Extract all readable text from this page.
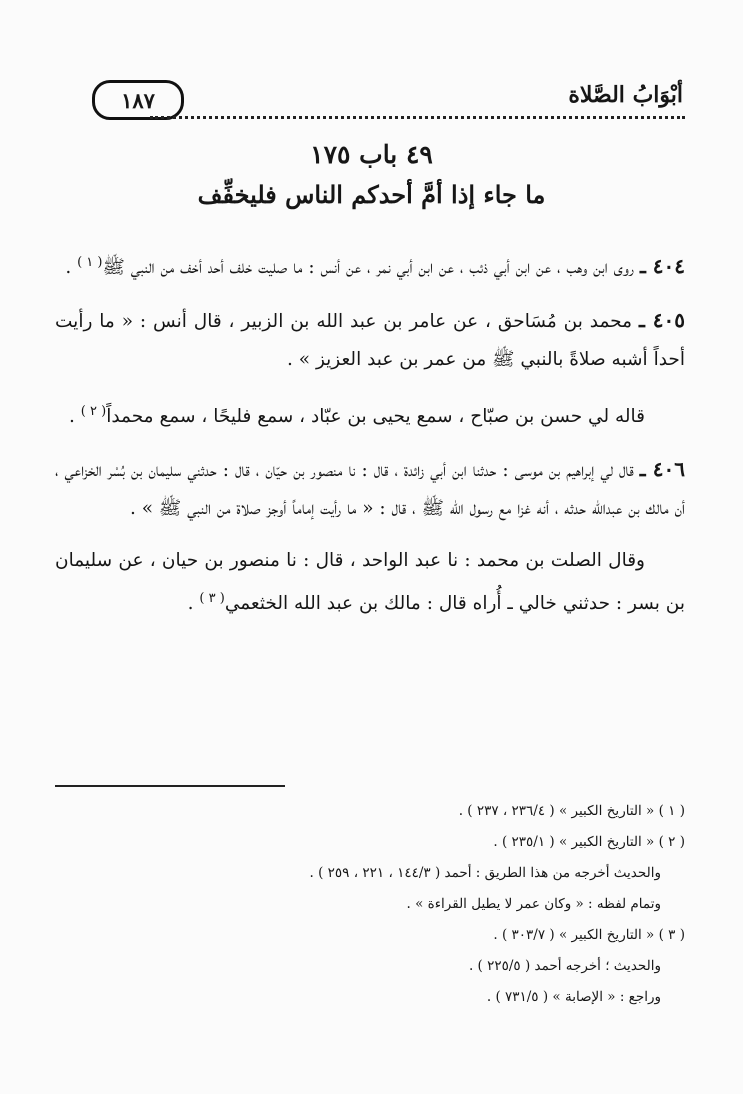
أبْوَابُ الصَّلاة
١٨٧
٤٩ باب ١٧٥
ما جاء إذا أمَّ أحدكم الناس فليخفِّف

٤٠٤ ـ روى ابن وهب ، عن ابن أبي ذئب ، عن ابن أبي نمر ، عن أنس : ما صليت خلف أحد أخف من النبي ﷺ$^{( ١ )}$ .

٤٠٥ ـ محمد بن مُسَاحق ، عن عامر بن عبد الله بن الزبير ، قال أنس : « ما رأيت أحداً أشبه صلاةً بالنبي ﷺ من عمر بن عبد العزيز » .

قاله لي حسن بن صبّاح ، سمع يحيى بن عبّاد ، سمع فليحًا ، سمع محمداً$^{( ٢ )}$ .

٤٠٦ ـ قال لي إبراهيم بن موسى : حدثنا ابن أبي زائدة ، قال : نا منصور بن حيّان ، قال : حدثني سليمان بن بُسْر الخزاعي ، أن مالك بن عبدالله حدثه ، أنه غزا مع رسول الله ﷺ ، قال : « ما رأيت إماماً أوجز صلاة من النبي ﷺ » .

وقال الصلت بن محمد : نا عبد الواحد ، قال : نا منصور بن حيان ، عن سليمان بن بسر : حدثني خالي ـ أُراه قال : مالك بن عبد الله الخثعمي$^{( ٣ )}$ .

( ١ ) « التاريخ الكبير » ( ٢٣٦/٤ ، ٢٣٧ ) .

( ٢ ) « التاريخ الكبير » ( ٢٣٥/١ ) .

والحديث أخرجه من هذا الطريق : أحمد ( ١٤٤/٣ ، ٢٢١ ، ٢٥٩ ) .

وتمام لفظه : « وكان عمر لا يطيل القراءة » .

( ٣ ) « التاريخ الكبير » ( ٣٠٣/٧ ) .

والحديث ؛ أخرجه أحمد ( ٢٢٥/٥ ) .

وراجع : « الإصابة » ( ٧٣١/٥ ) .
